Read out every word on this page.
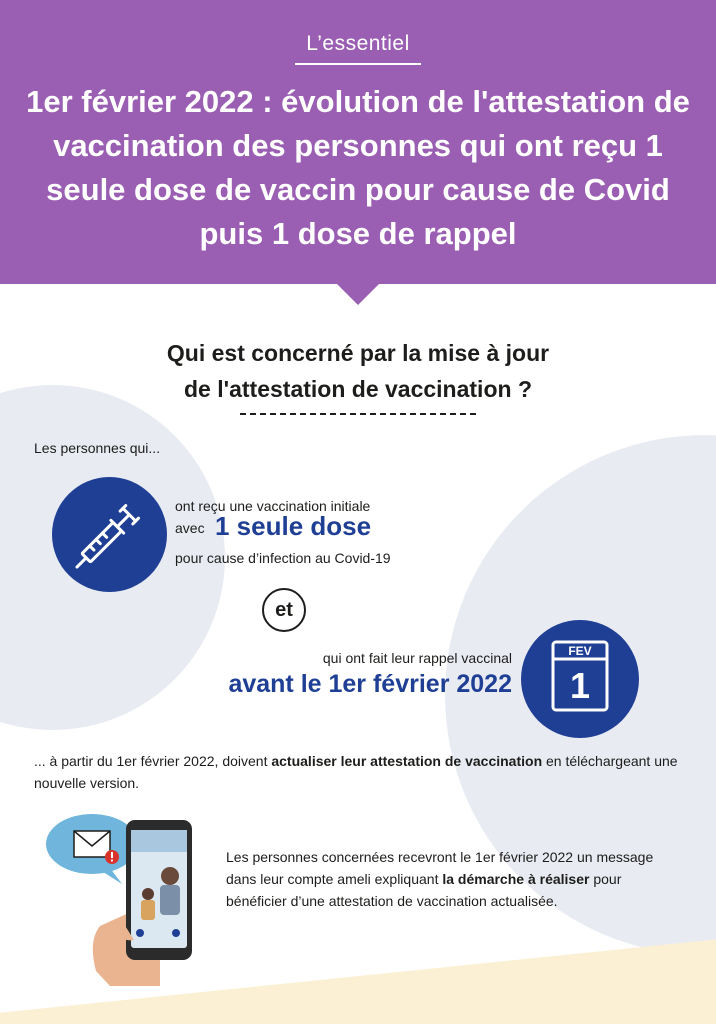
L’essentiel
1er février 2022 : évolution de l'attestation de vaccination des personnes qui ont reçu 1 seule dose de vaccin pour cause de Covid puis 1 dose de rappel
Qui est concerné par la mise à jour
de l'attestation de vaccination ?
Les personnes qui...
ont reçu une vaccination initiale
avec 1 seule dose
pour cause d’infection au Covid-19
et
qui ont fait leur rappel vaccinal
avant le 1er février 2022
FEV
1
... à partir du 1er février 2022, doivent actualiser leur attestation de vaccination en téléchargeant une nouvelle version.
Les personnes concernées recevront le 1er février 2022 un message dans leur compte ameli expliquant la démarche à réaliser pour bénéficier d’une attestation de vaccination actualisée.
